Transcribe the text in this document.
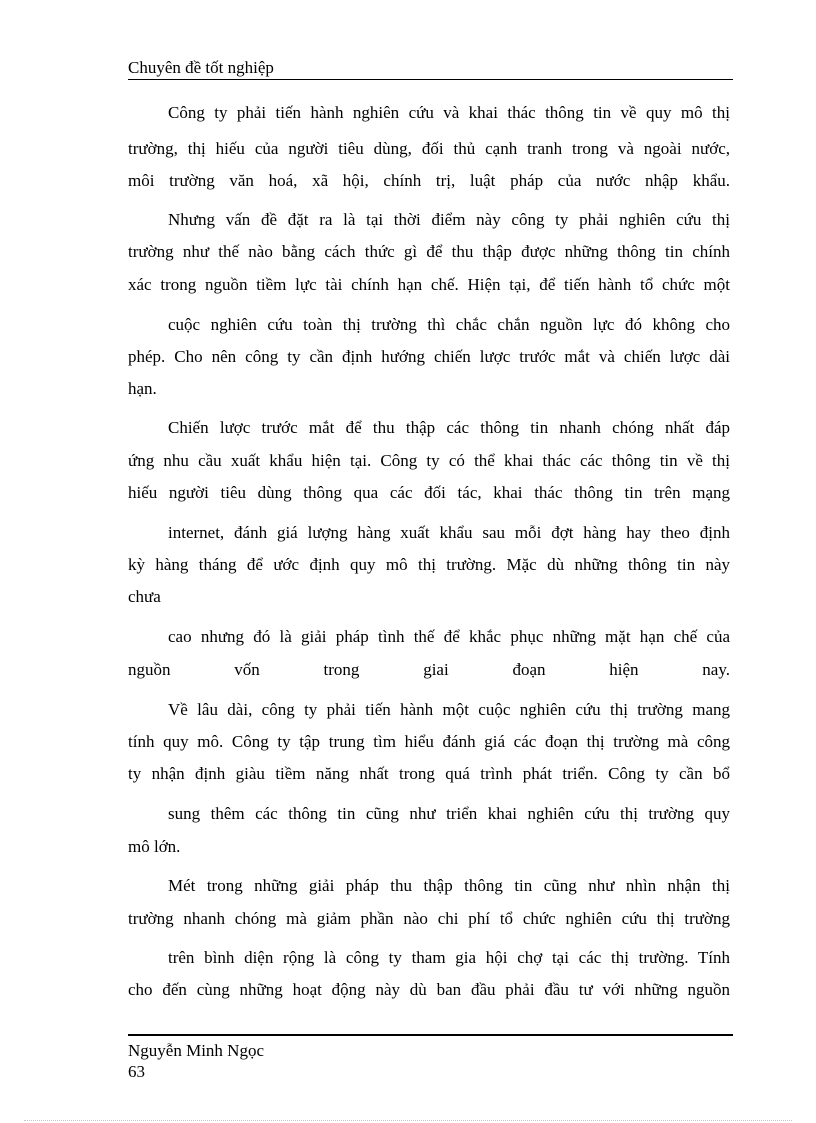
Chuyên đề tốt nghiệp
Công ty phải tiến hành nghiên cứu và khai thác thông tin về quy mô thị
trường, thị hiếu của người tiêu dùng, đối thủ cạnh tranh trong và ngoài nước,
môi trường văn hoá, xã hội, chính trị, luật pháp của nước nhập khẩu.
Nhưng vấn đề đặt ra là tại thời điểm này công ty phải nghiên cứu thị
trường như thế nào bằng cách thức gì để thu thập được những thông tin chính
xác trong nguồn tiềm lực tài chính hạn chế. Hiện tại, để tiến hành tổ chức một
cuộc nghiên cứu toàn thị trường thì chắc chắn nguồn lực đó không cho
phép. Cho nên công ty cần định hướng chiến lược trước mắt và chiến lược dài
hạn.
Chiến lược trước mắt để thu thập các thông tin nhanh chóng nhất đáp
ứng nhu cầu xuất khẩu hiện tại. Công ty có thể khai thác các thông tin về thị
hiếu người tiêu dùng thông qua các đối tác, khai thác thông tin trên mạng
internet, đánh giá lượng hàng xuất khẩu sau mỗi đợt hàng hay theo định
kỳ hàng tháng để ước định quy mô thị trường. Mặc dù những thông tin này
chưa
cao nhưng đó là giải pháp tình thế để khắc phục những mặt hạn chế của
nguồn vốn trong giai đoạn hiện nay.
Về lâu dài, công ty phải tiến hành một cuộc nghiên cứu thị trường mang
tính quy mô. Công ty tập trung tìm hiểu đánh giá các đoạn thị trường mà công
ty nhận định giàu tiềm năng nhất trong quá trình phát triển. Công ty cần bổ
sung thêm các thông tin cũng như triển khai nghiên cứu thị trường quy
mô lớn.
Mét trong những giải pháp thu thập thông tin cũng như nhìn nhận thị
trường nhanh chóng mà giảm phần nào chi phí tổ chức nghiên cứu thị trường
trên bình diện rộng là công ty tham gia hội chợ tại các thị trường. Tính
cho đến cùng những hoạt động này dù ban đầu phải đầu tư với những nguồn
Nguyễn Minh Ngọc
63
